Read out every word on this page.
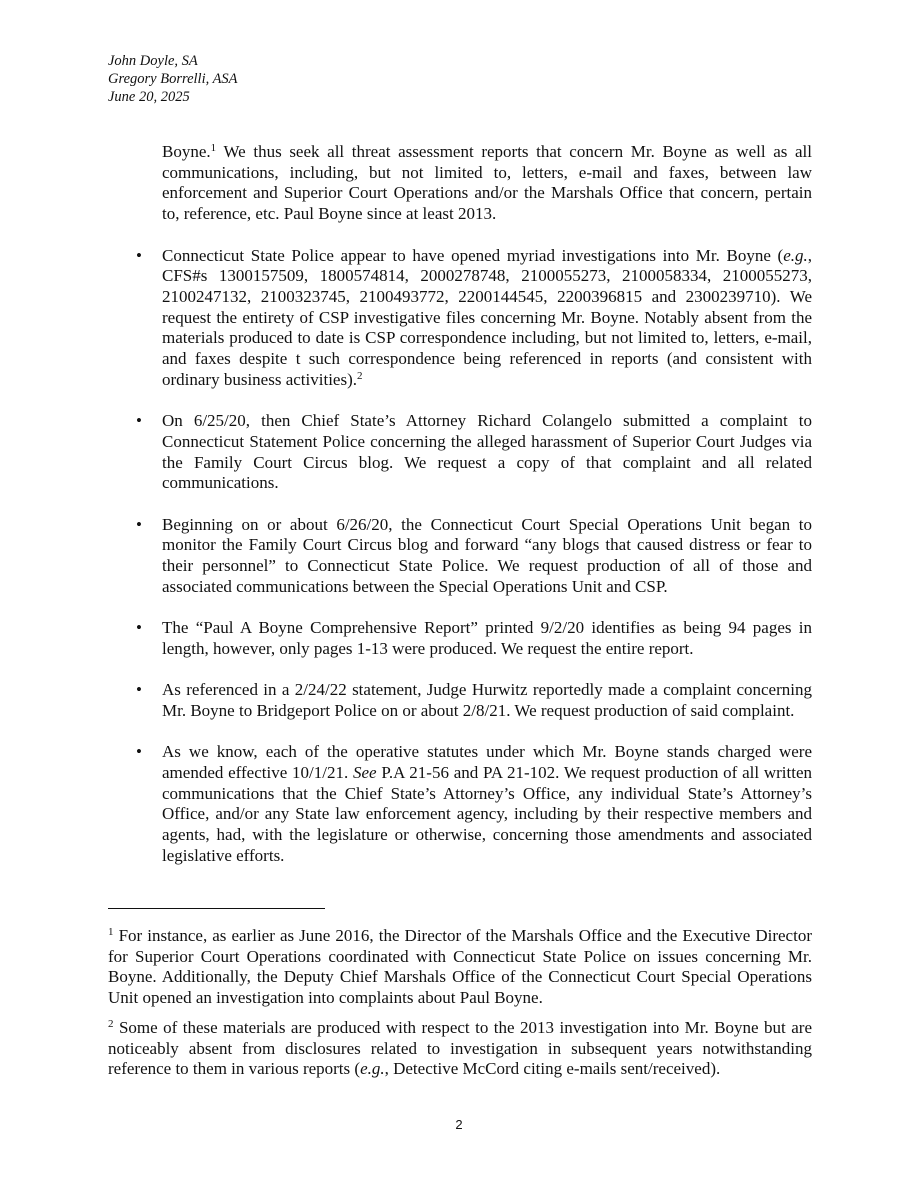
John Doyle, SA
Gregory Borrelli, ASA
June 20, 2025
Boyne.$^1$ We thus seek all threat assessment reports that concern Mr. Boyne as well as all communications, including, but not limited to, letters, e-mail and faxes, between law enforcement and Superior Court Operations and/or the Marshals Office that concern, pertain to, reference, etc. Paul Boyne since at least 2013.
• Connecticut State Police appear to have opened myriad investigations into Mr. Boyne (e.g., CFS#s 1300157509, 1800574814, 2000278748, 2100055273, 2100058334, 2100055273, 2100247132, 2100323745, 2100493772, 2200144545, 2200396815 and 2300239710). We request the entirety of CSP investigative files concerning Mr. Boyne. Notably absent from the materials produced to date is CSP correspondence including, but not limited to, letters, e-mail, and faxes despite t such correspondence being referenced in reports (and consistent with ordinary business activities).$^2$
• On 6/25/20, then Chief State’s Attorney Richard Colangelo submitted a complaint to Connecticut Statement Police concerning the alleged harassment of Superior Court Judges via the Family Court Circus blog. We request a copy of that complaint and all related communications.
• Beginning on or about 6/26/20, the Connecticut Court Special Operations Unit began to monitor the Family Court Circus blog and forward “any blogs that caused distress or fear to their personnel” to Connecticut State Police. We request production of all of those and associated communications between the Special Operations Unit and CSP.
• The “Paul A Boyne Comprehensive Report” printed 9/2/20 identifies as being 94 pages in length, however, only pages 1-13 were produced. We request the entire report.
• As referenced in a 2/24/22 statement, Judge Hurwitz reportedly made a complaint concerning Mr. Boyne to Bridgeport Police on or about 2/8/21. We request production of said complaint.
• As we know, each of the operative statutes under which Mr. Boyne stands charged were amended effective 10/1/21. See P.A 21-56 and PA 21-102. We request production of all written communications that the Chief State’s Attorney’s Office, any individual State’s Attorney’s Office, and/or any State law enforcement agency, including by their respective members and agents, had, with the legislature or otherwise, concerning those amendments and associated legislative efforts.
$^1$ For instance, as earlier as June 2016, the Director of the Marshals Office and the Executive Director for Superior Court Operations coordinated with Connecticut State Police on issues concerning Mr. Boyne. Additionally, the Deputy Chief Marshals Office of the Connecticut Court Special Operations Unit opened an investigation into complaints about Paul Boyne.
$^2$ Some of these materials are produced with respect to the 2013 investigation into Mr. Boyne but are noticeably absent from disclosures related to investigation in subsequent years notwithstanding reference to them in various reports (e.g., Detective McCord citing e-mails sent/received).
2
